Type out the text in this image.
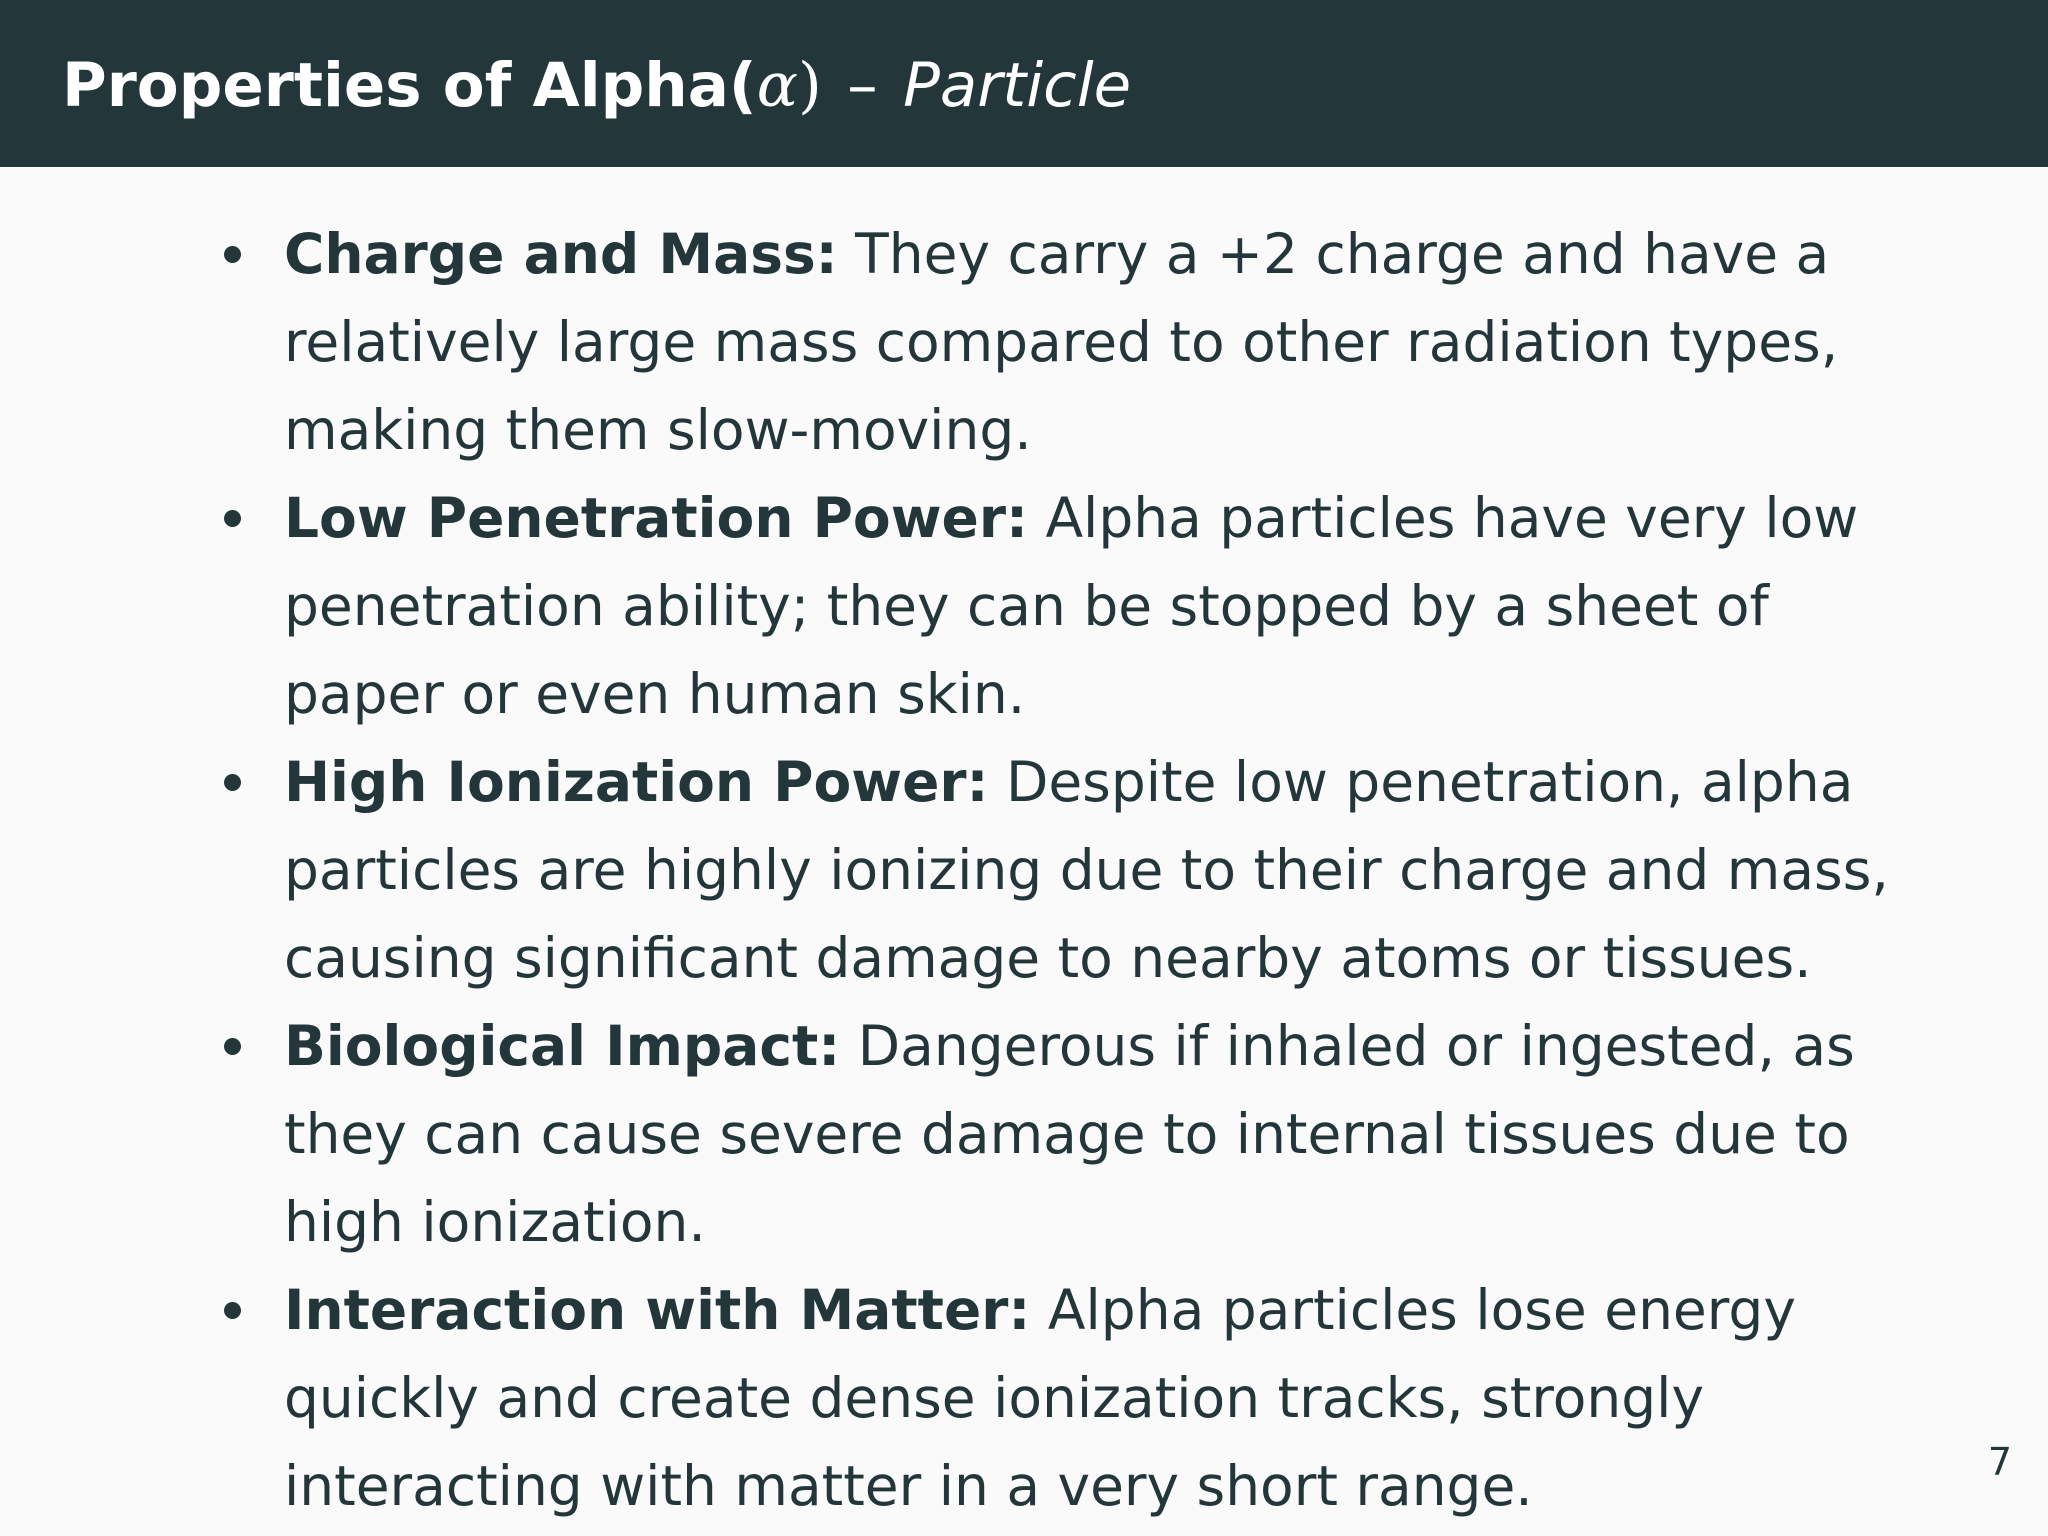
Properties of Alpha(α) – Particle
Charge and Mass: They carry a +2 charge and have a relatively large mass compared to other radiation types, making them slow-moving.
Low Penetration Power: Alpha particles have very low penetration ability; they can be stopped by a sheet of paper or even human skin.
High Ionization Power: Despite low penetration, alpha particles are highly ionizing due to their charge and mass, causing significant damage to nearby atoms or tissues.
Biological Impact: Dangerous if inhaled or ingested, as they can cause severe damage to internal tissues due to high ionization.
Interaction with Matter: Alpha particles lose energy quickly and create dense ionization tracks, strongly interacting with matter in a very short range.	7
